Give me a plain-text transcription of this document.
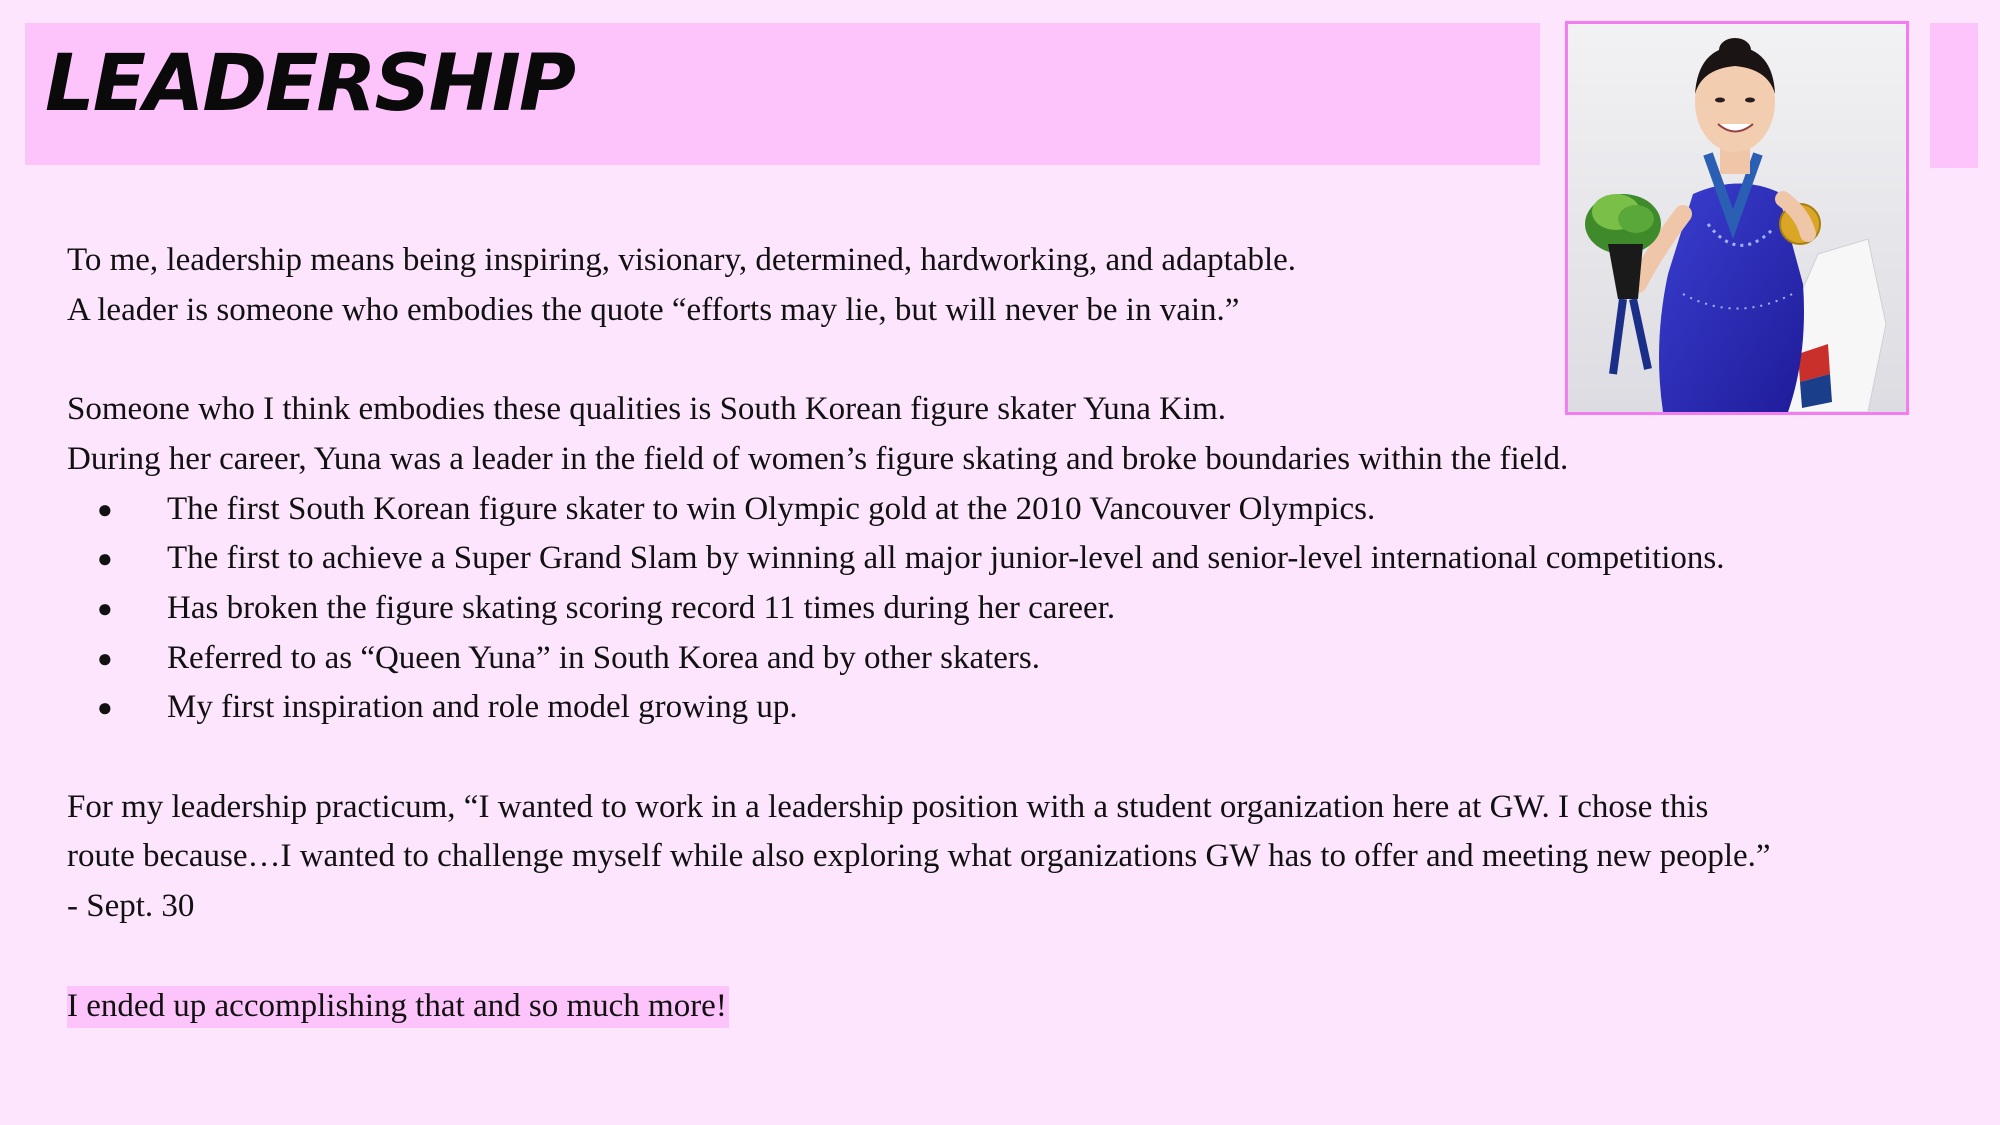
LEADERSHIP
To me, leadership means being inspiring, visionary, determined, hardworking, and adaptable.
A leader is someone who embodies the quote “efforts may lie, but will never be in vain.”
Someone who I think embodies these qualities is South Korean figure skater Yuna Kim.
During her career, Yuna was a leader in the field of women’s figure skating and broke boundaries within the field.
● The first South Korean figure skater to win Olympic gold at the 2010 Vancouver Olympics.
● The first to achieve a Super Grand Slam by winning all major junior-level and senior-level international competitions.
● Has broken the figure skating scoring record 11 times during her career.
● Referred to as “Queen Yuna” in South Korea and by other skaters.
● My first inspiration and role model growing up.
For my leadership practicum, “I wanted to work in a leadership position with a student organization here at GW. I chose this
route because…I wanted to challenge myself while also exploring what organizations GW has to offer and meeting new people.”
- Sept. 30
I ended up accomplishing that and so much more!
